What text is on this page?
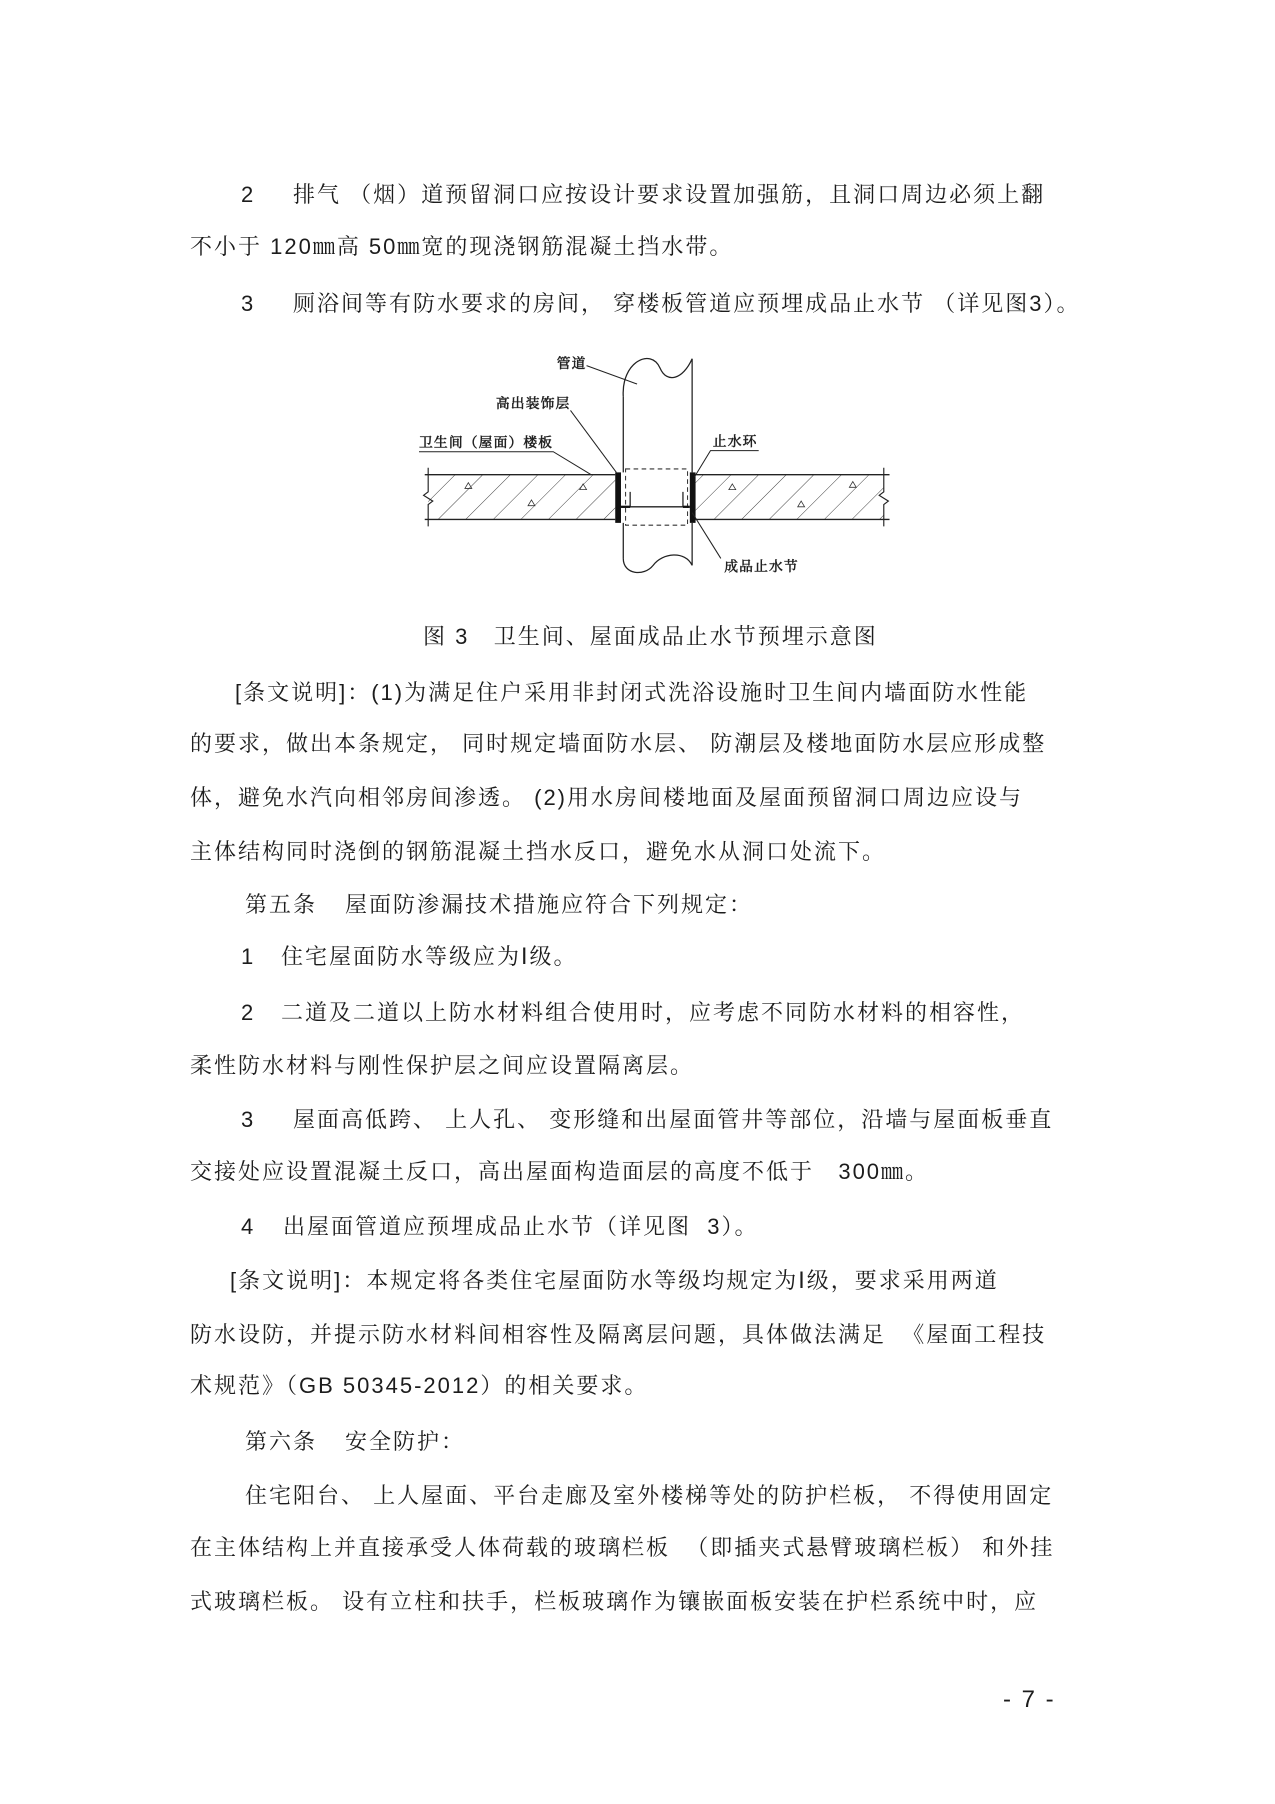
2 排气 （烟）道预留洞口应按设计要求设置加强筋，且洞口周边必须上翻
不小于 120㎜高 50㎜宽的现浇钢筋混凝土挡水带。
3 厕浴间等有防水要求的房间， 穿楼板管道应预埋成品止水节 （详见图3）。
管道
高出装饰层
卫生间（屋面）楼板	止水环
成品止水节
图 3 卫生间、屋面成品止水节预埋示意图
[条文说明]：(1)为满足住户采用非封闭式洗浴设施时卫生间内墙面防水性能
的要求，做出本条规定， 同时规定墙面防水层、 防潮层及楼地面防水层应形成整
体，避免水汽向相邻房间渗透。 (2)用水房间楼地面及屋面预留洞口周边应设与
主体结构同时浇倒的钢筋混凝土挡水反口，避免水从洞口处流下。
第五条 屋面防渗漏技术措施应符合下列规定：
1 住宅屋面防水等级应为Ⅰ级。
2 二道及二道以上防水材料组合使用时，应考虑不同防水材料的相容性，
柔性防水材料与刚性保护层之间应设置隔离层。
3 屋面高低跨、 上人孔、 变形缝和出屋面管井等部位，沿墙与屋面板垂直
交接处应设置混凝土反口，高出屋面构造面层的高度不低于   300㎜。
4 出屋面管道应预埋成品止水节（详见图  3）。
[条文说明]：本规定将各类住宅屋面防水等级均规定为Ⅰ级，要求采用两道
防水设防，并提示防水材料间相容性及隔离层问题，具体做法满足  《屋面工程技
术规范》（GB 50345-2012）的相关要求。
第六条 安全防护：
住宅阳台、 上人屋面、平台走廊及室外楼梯等处的防护栏板， 不得使用固定
在主体结构上并直接承受人体荷载的玻璃栏板  （即插夹式悬臂玻璃栏板） 和外挂
式玻璃栏板。 设有立柱和扶手，栏板玻璃作为镶嵌面板安装在护栏系统中时，应
- 7 -
